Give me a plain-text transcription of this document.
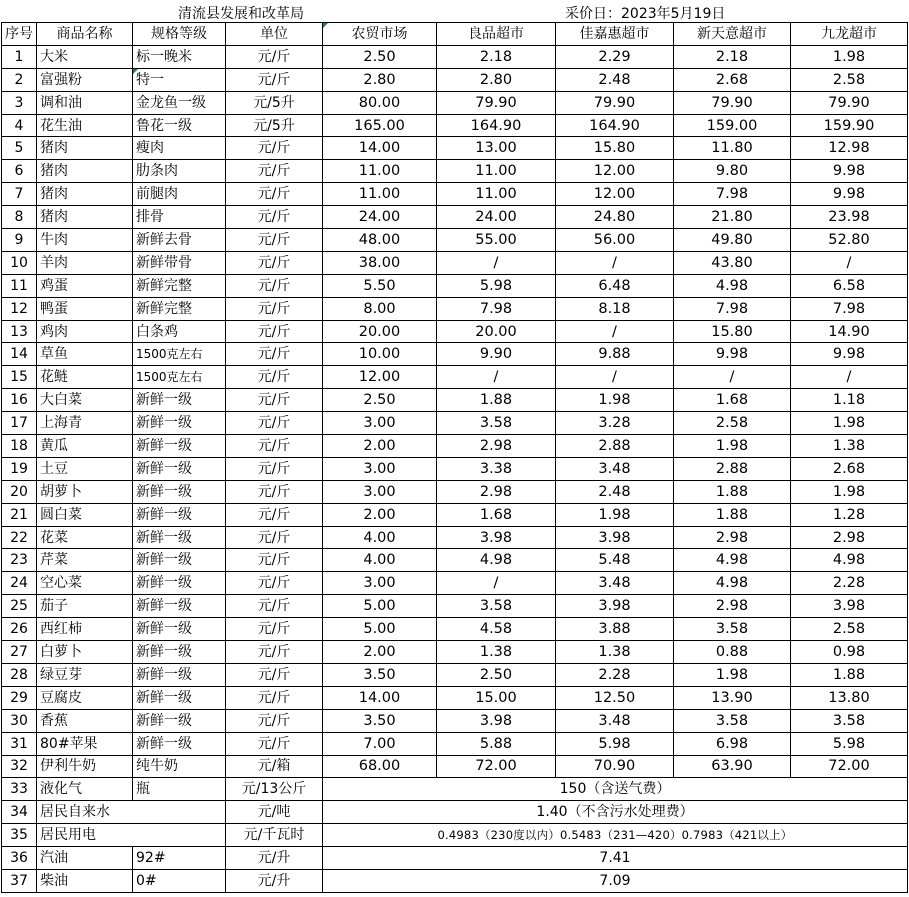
清流县发展和改革局	采价日：2023年5月19日
序号	商品名称	规格等级	单位	农贸市场	良品超市	佳嘉惠超市	新天意超市	九龙超市
1	大米	标一晚米	元/斤	2.50	2.18	2.29	2.18	1.98
2	富强粉	特一	元/斤	2.80	2.80	2.48	2.68	2.58
3	调和油	金龙鱼一级	元/5升	80.00	79.90	79.90	79.90	79.90
4	花生油	鲁花一级	元/5升	165.00	164.90	164.90	159.00	159.90
5	猪肉	瘦肉	元/斤	14.00	13.00	15.80	11.80	12.98
6	猪肉	肋条肉	元/斤	11.00	11.00	12.00	9.80	9.98
7	猪肉	前腿肉	元/斤	11.00	11.00	12.00	7.98	9.98
8	猪肉	排骨	元/斤	24.00	24.00	24.80	21.80	23.98
9	牛肉	新鲜去骨	元/斤	48.00	55.00	56.00	49.80	52.80
10	羊肉	新鲜带骨	元/斤	38.00	/	/	43.80	/
11	鸡蛋	新鲜完整	元/斤	5.50	5.98	6.48	4.98	6.58
12	鸭蛋	新鲜完整	元/斤	8.00	7.98	8.18	7.98	7.98
13	鸡肉	白条鸡	元/斤	20.00	20.00	/	15.80	14.90
14	草鱼	1500克左右	元/斤	10.00	9.90	9.88	9.98	9.98
15	花鲢	1500克左右	元/斤	12.00	/	/	/	/
16	大白菜	新鲜一级	元/斤	2.50	1.88	1.98	1.68	1.18
17	上海青	新鲜一级	元/斤	3.00	3.58	3.28	2.58	1.98
18	黄瓜	新鲜一级	元/斤	2.00	2.98	2.88	1.98	1.38
19	土豆	新鲜一级	元/斤	3.00	3.38	3.48	2.88	2.68
20	胡萝卜	新鲜一级	元/斤	3.00	2.98	2.48	1.88	1.98
21	圆白菜	新鲜一级	元/斤	2.00	1.68	1.98	1.88	1.28
22	花菜	新鲜一级	元/斤	4.00	3.98	3.98	2.98	2.98
23	芹菜	新鲜一级	元/斤	4.00	4.98	5.48	4.98	4.98
24	空心菜	新鲜一级	元/斤	3.00	/	3.48	4.98	2.28
25	茄子	新鲜一级	元/斤	5.00	3.58	3.98	2.98	3.98
26	西红柿	新鲜一级	元/斤	5.00	4.58	3.88	3.58	2.58
27	白萝卜	新鲜一级	元/斤	2.00	1.38	1.38	0.88	0.98
28	绿豆芽	新鲜一级	元/斤	3.50	2.50	2.28	1.98	1.88
29	豆腐皮	新鲜一级	元/斤	14.00	15.00	12.50	13.90	13.80
30	香蕉	新鲜一级	元/斤	3.50	3.98	3.48	3.58	3.58
31	80#苹果	新鲜一级	元/斤	7.00	5.88	5.98	6.98	5.98
32	伊利牛奶	纯牛奶	元/箱	68.00	72.00	70.90	63.90	72.00
33	液化气	瓶	元/13公斤	150（含送气费）				
34	居民自来水		元/吨	1.40（不含污水处理费）				
35	居民用电		元/千瓦时	0.4983（230度以内）0.5483（231—420）0.7983（421以上）				
36	汽油	92#	元/升	7.41				
37	柴油	0#	元/升	7.09				
